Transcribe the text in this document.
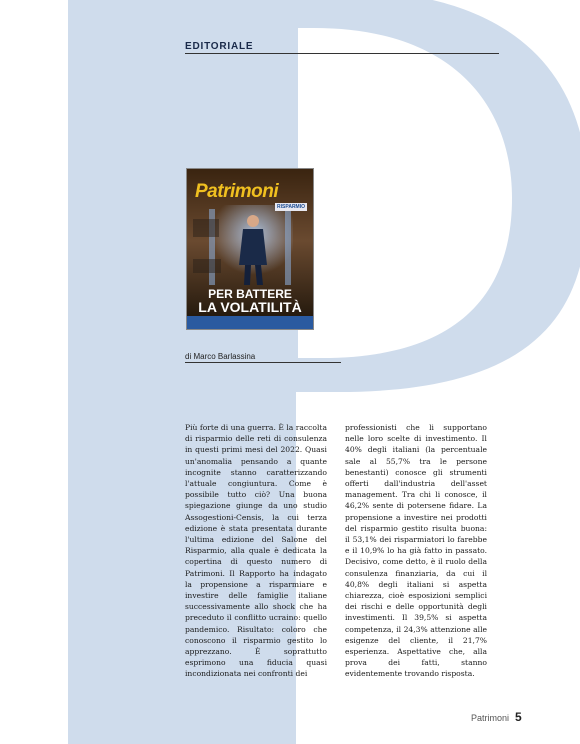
EDITORIALE
Patrimoni
RISPARMIO
PER BATTERE
LA VOLATILITÀ
di Marco Barlassina

Più forte di una guerra. È la raccolta di risparmio delle reti di consulenza in questi primi mesi del 2022. Quasi un'anomalia pensando a quante incognite stanno caratterizzando l'attuale congiuntura. Come è possibile tutto ciò? Una buona spiegazione giunge da uno studio Assogestioni-Censis, la cui terza edizione è stata presentata durante l'ultima edizione del Salone del Risparmio, alla quale è dedicata la copertina di questo numero di Patrimoni. Il Rapporto ha indagato la propensione a risparmiare e investire delle famiglie italiane successivamente allo shock che ha preceduto il conflitto ucraino: quello pandemico. Risultato: coloro che conoscono il risparmio gestito lo apprezzano. È soprattutto esprimono una fiducia quasi incondizionata nei confronti dei

professionisti che li supportano nelle loro scelte di investimento. Il 40% degli italiani (la percentuale sale al 55,7% tra le persone benestanti) conosce gli strumenti offerti dall'industria dell'asset management. Tra chi li conosce, il 46,2% sente di potersene fidare. La propensione a investire nei prodotti del risparmio gestito risulta buona: il 53,1% dei risparmiatori lo farebbe e il 10,9% lo ha già fatto in passato. Decisivo, come detto, è il ruolo della consulenza finanziaria, da cui il 40,8% degli italiani si aspetta chiarezza, cioè esposizioni semplici dei rischi e delle opportunità degli investimenti. Il 39,5% si aspetta competenza, il 24,3% attenzione alle esigenze del cliente, il 21,7% esperienza. Aspettative che, alla prova dei fatti, stanno evidentemente trovando risposta.

Patrimoni 5
